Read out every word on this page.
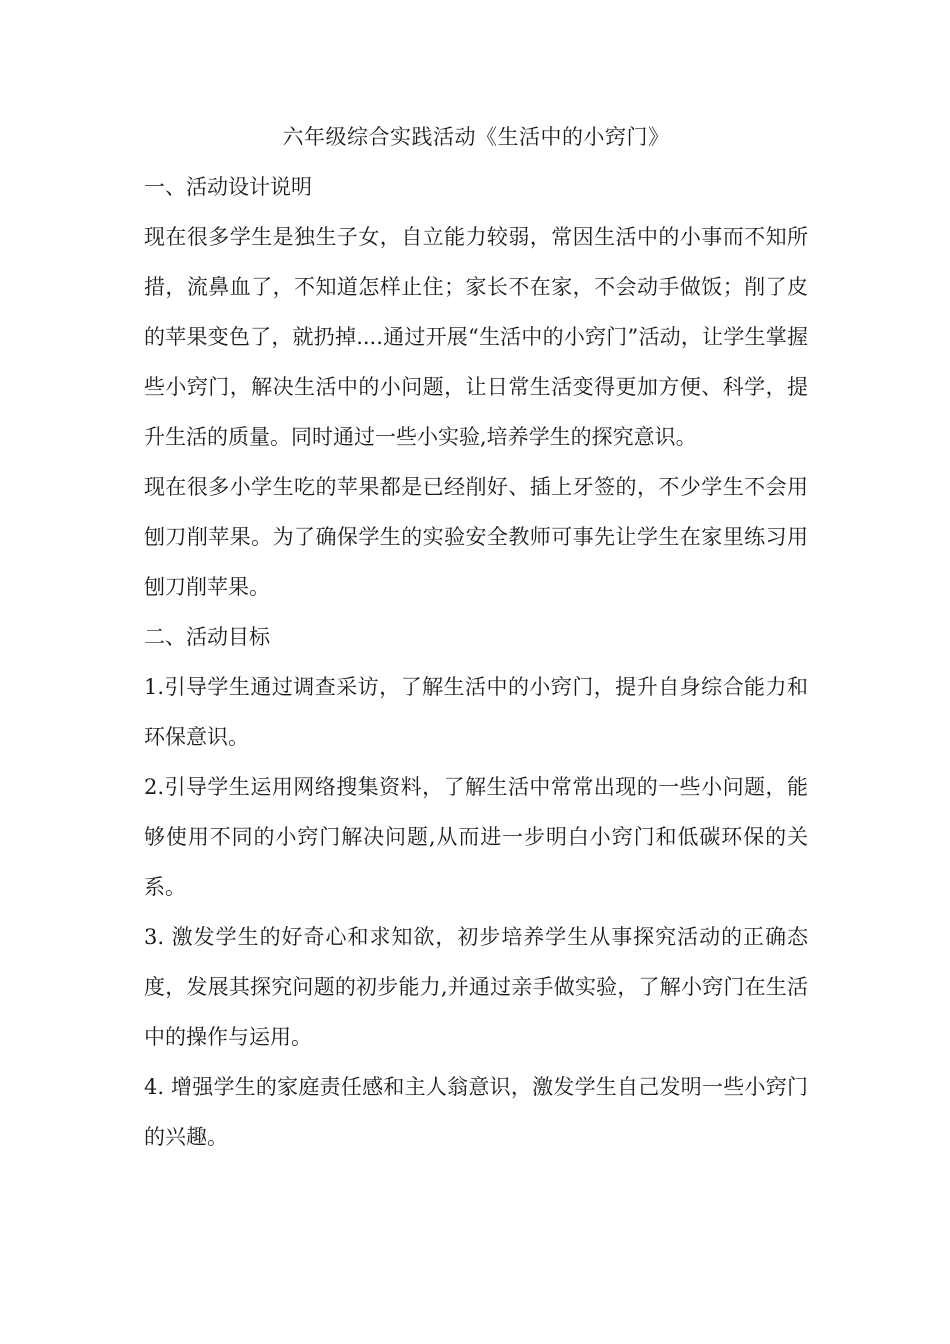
六年级综合实践活动《生活中的小窍门》

一、活动设计说明

现在很多学生是独生子女，自立能力较弱，常因生活中的小事而不知所措，流鼻血了，不知道怎样止住；家长不在家，不会动手做饭；削了皮的苹果变色了，就扔掉....通过开展“生活中的小窍门”活动，让学生掌握些小窍门，解决生活中的小问题，让日常生活变得更加方便、科学，提升生活的质量。同时通过一些小实验,培养学生的探究意识。

现在很多小学生吃的苹果都是已经削好、插上牙签的，不少学生不会用刨刀削苹果。为了确保学生的实验安全教师可事先让学生在家里练习用刨刀削苹果。

二、活动目标

1.引导学生通过调查采访，了解生活中的小窍门，提升自身综合能力和环保意识。

2.引导学生运用网络搜集资料，了解生活中常常出现的一些小问题，能够使用不同的小窍门解决问题,从而进一步明白小窍门和低碳环保的关系。

3. 激发学生的好奇心和求知欲，初步培养学生从事探究活动的正确态度，发展其探究问题的初步能力,并通过亲手做实验，了解小窍门在生活中的操作与运用。

4. 增强学生的家庭责任感和主人翁意识，激发学生自己发明一些小窍门的兴趣。
